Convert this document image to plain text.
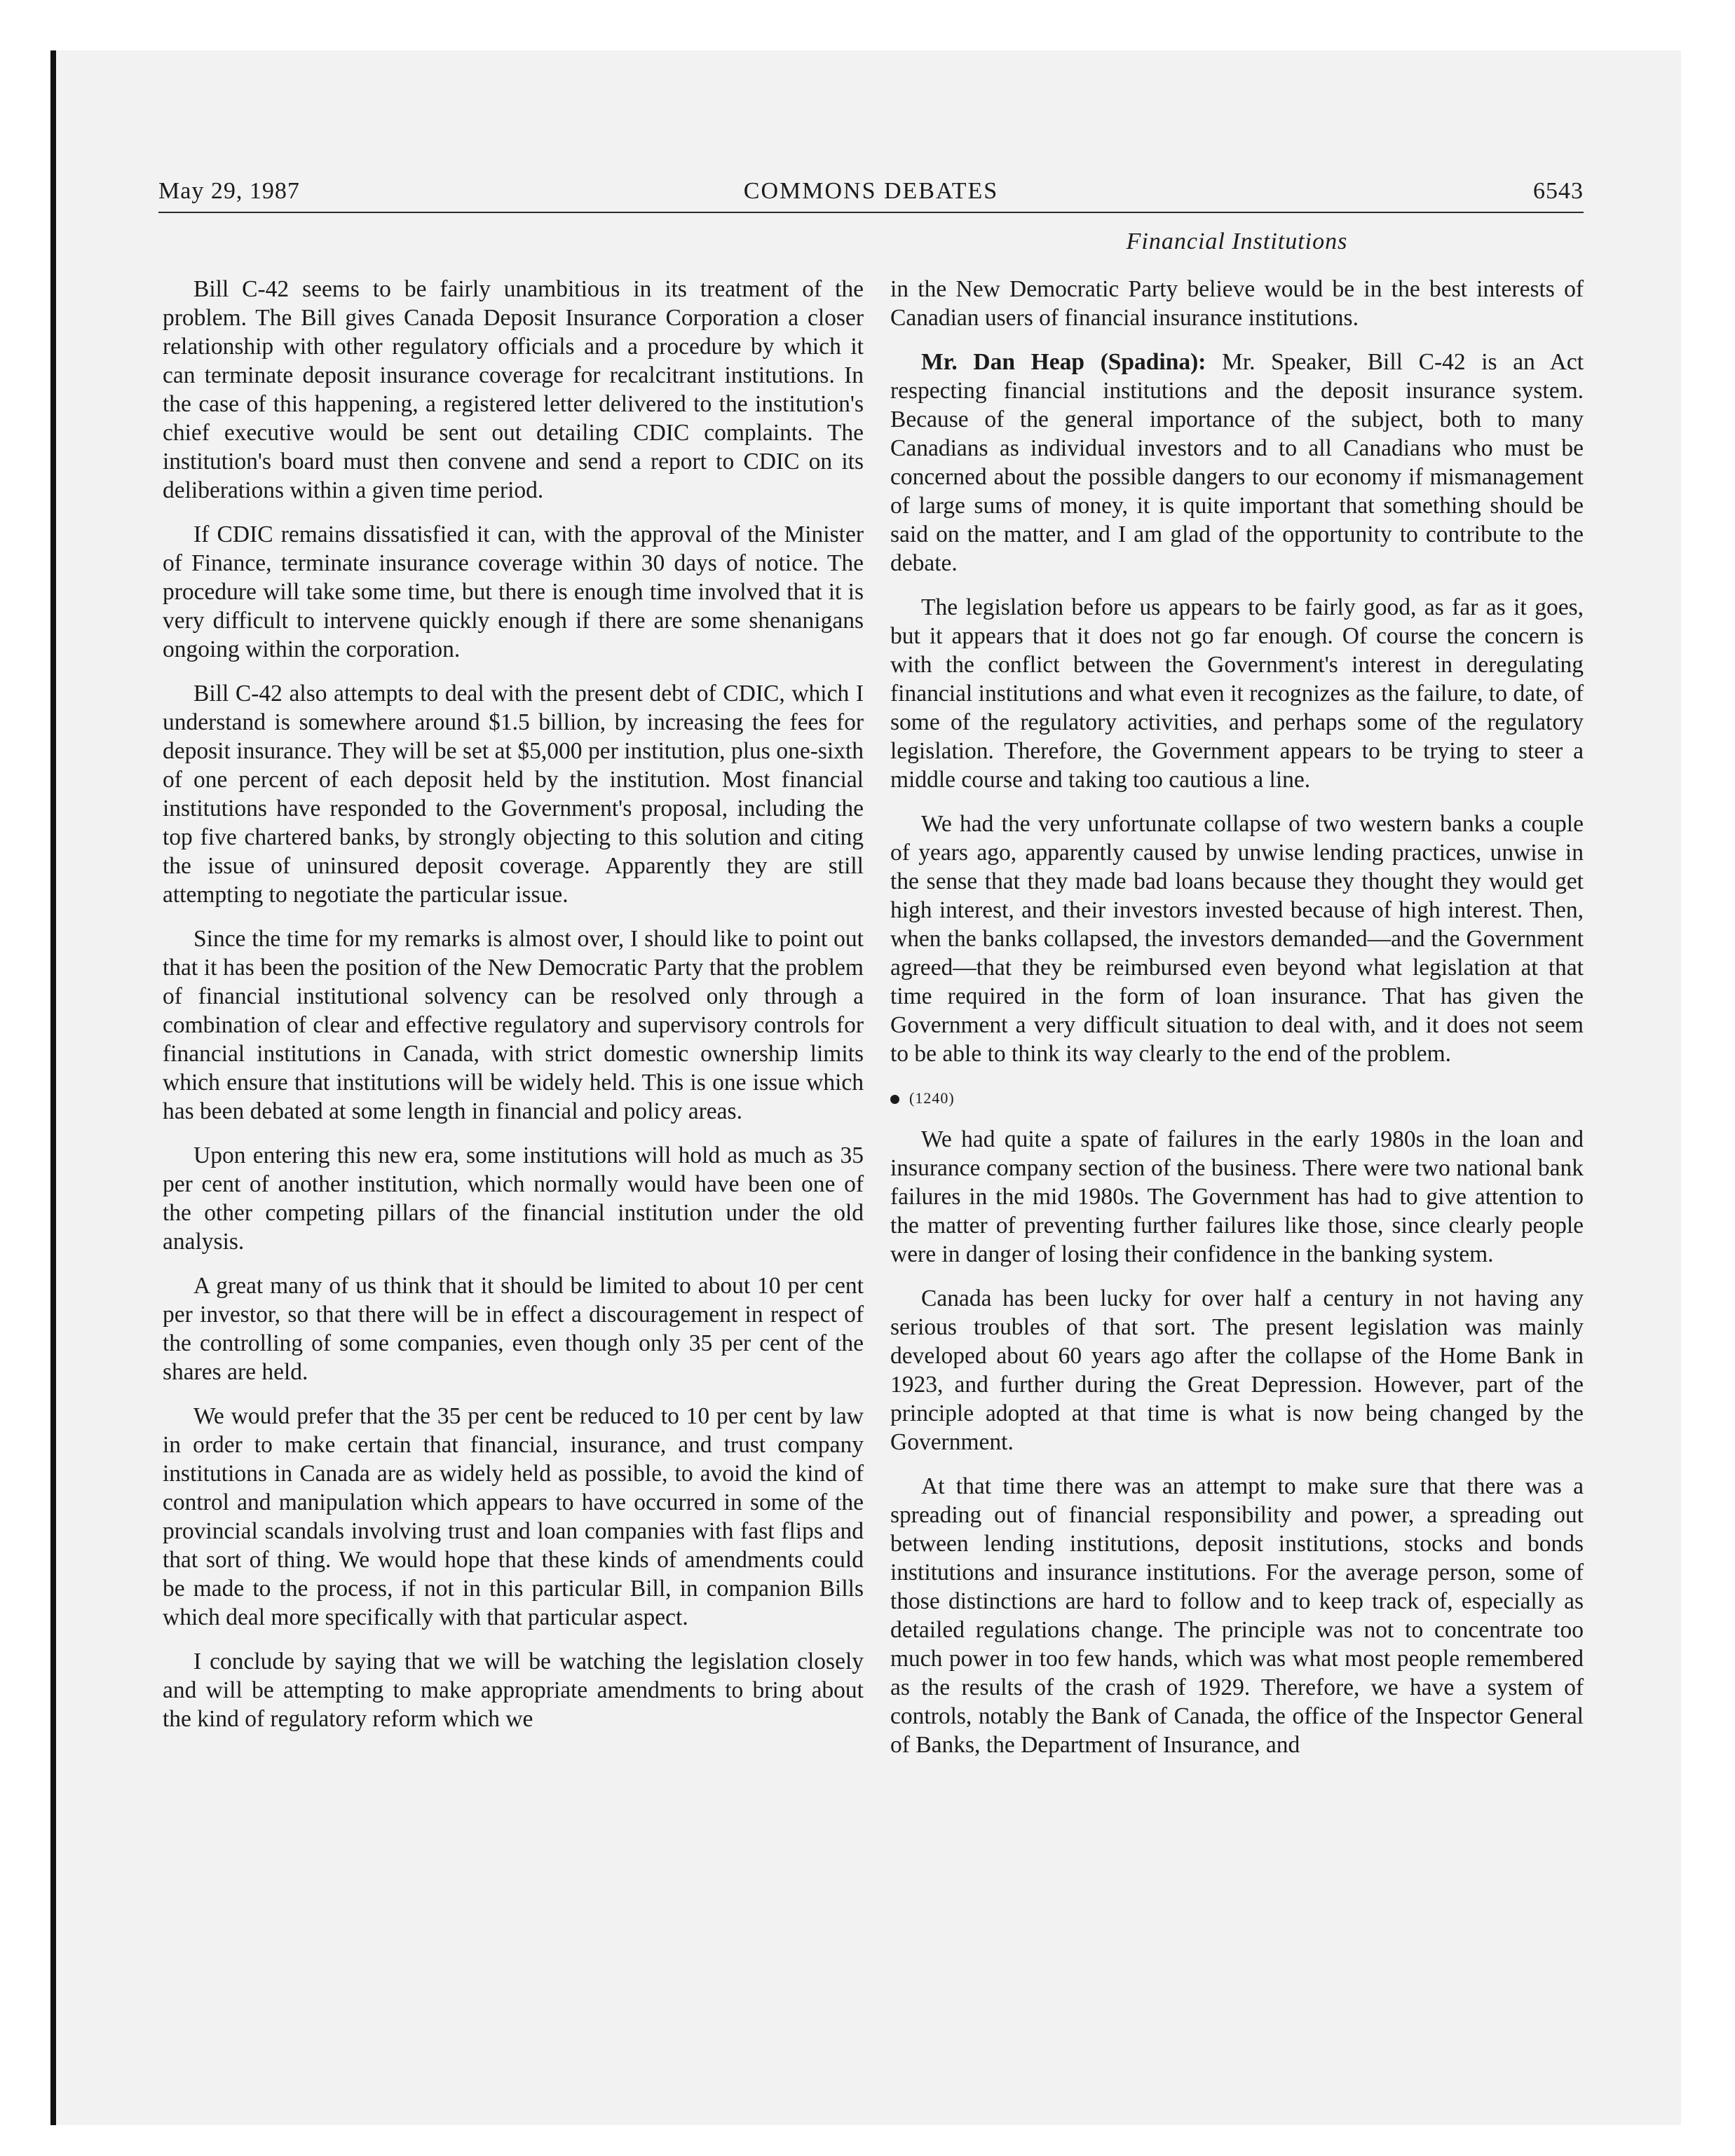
May 29, 1987	COMMONS DEBATES	6543
Financial Institutions

Bill C-42 seems to be fairly unambitious in its treatment of the problem. The Bill gives Canada Deposit Insurance Corporation a closer relationship with other regulatory officials and a procedure by which it can terminate deposit insurance coverage for recalcitrant institutions. In the case of this happening, a registered letter delivered to the institution's chief executive would be sent out detailing CDIC complaints. The institution's board must then convene and send a report to CDIC on its deliberations within a given time period.

If CDIC remains dissatisfied it can, with the approval of the Minister of Finance, terminate insurance coverage within 30 days of notice. The procedure will take some time, but there is enough time involved that it is very difficult to intervene quickly enough if there are some shenanigans ongoing within the corporation.

Bill C-42 also attempts to deal with the present debt of CDIC, which I understand is somewhere around $1.5 billion, by increasing the fees for deposit insurance. They will be set at $5,000 per institution, plus one-sixth of one percent of each deposit held by the institution. Most financial institutions have responded to the Government's proposal, including the top five chartered banks, by strongly objecting to this solution and citing the issue of uninsured deposit coverage. Apparently they are still attempting to negotiate the particular issue.

Since the time for my remarks is almost over, I should like to point out that it has been the position of the New Democratic Party that the problem of financial institutional solvency can be resolved only through a combination of clear and effective regulatory and supervisory controls for financial institutions in Canada, with strict domestic ownership limits which ensure that institutions will be widely held. This is one issue which has been debated at some length in financial and policy areas.

Upon entering this new era, some institutions will hold as much as 35 per cent of another institution, which normally would have been one of the other competing pillars of the financial institution under the old analysis.

A great many of us think that it should be limited to about 10 per cent per investor, so that there will be in effect a discouragement in respect of the controlling of some companies, even though only 35 per cent of the shares are held.

We would prefer that the 35 per cent be reduced to 10 per cent by law in order to make certain that financial, insurance, and trust company institutions in Canada are as widely held as possible, to avoid the kind of control and manipulation which appears to have occurred in some of the provincial scandals involving trust and loan companies with fast flips and that sort of thing. We would hope that these kinds of amendments could be made to the process, if not in this particular Bill, in companion Bills which deal more specifically with that particular aspect.

I conclude by saying that we will be watching the legislation closely and will be attempting to make appropriate amendments to bring about the kind of regulatory reform which we

in the New Democratic Party believe would be in the best interests of Canadian users of financial insurance institutions.

Mr. Dan Heap (Spadina): Mr. Speaker, Bill C-42 is an Act respecting financial institutions and the deposit insurance system. Because of the general importance of the subject, both to many Canadians as individual investors and to all Canadians who must be concerned about the possible dangers to our economy if mismanagement of large sums of money, it is quite important that something should be said on the matter, and I am glad of the opportunity to contribute to the debate.

The legislation before us appears to be fairly good, as far as it goes, but it appears that it does not go far enough. Of course the concern is with the conflict between the Government's interest in deregulating financial institutions and what even it recognizes as the failure, to date, of some of the regulatory activities, and perhaps some of the regulatory legislation. Therefore, the Government appears to be trying to steer a middle course and taking too cautious a line.

We had the very unfortunate collapse of two western banks a couple of years ago, apparently caused by unwise lending practices, unwise in the sense that they made bad loans because they thought they would get high interest, and their investors invested because of high interest. Then, when the banks collapsed, the investors demanded—and the Government agreed—that they be reimbursed even beyond what legislation at that time required in the form of loan insurance. That has given the Government a very difficult situation to deal with, and it does not seem to be able to think its way clearly to the end of the problem.

(1240)

We had quite a spate of failures in the early 1980s in the loan and insurance company section of the business. There were two national bank failures in the mid 1980s. The Government has had to give attention to the matter of preventing further failures like those, since clearly people were in danger of losing their confidence in the banking system.

Canada has been lucky for over half a century in not having any serious troubles of that sort. The present legislation was mainly developed about 60 years ago after the collapse of the Home Bank in 1923, and further during the Great Depression. However, part of the principle adopted at that time is what is now being changed by the Government.

At that time there was an attempt to make sure that there was a spreading out of financial responsibility and power, a spreading out between lending institutions, deposit institutions, stocks and bonds institutions and insurance institutions. For the average person, some of those distinctions are hard to follow and to keep track of, especially as detailed regulations change. The principle was not to concentrate too much power in too few hands, which was what most people remembered as the results of the crash of 1929. Therefore, we have a system of controls, notably the Bank of Canada, the office of the Inspector General of Banks, the Department of Insurance, and
